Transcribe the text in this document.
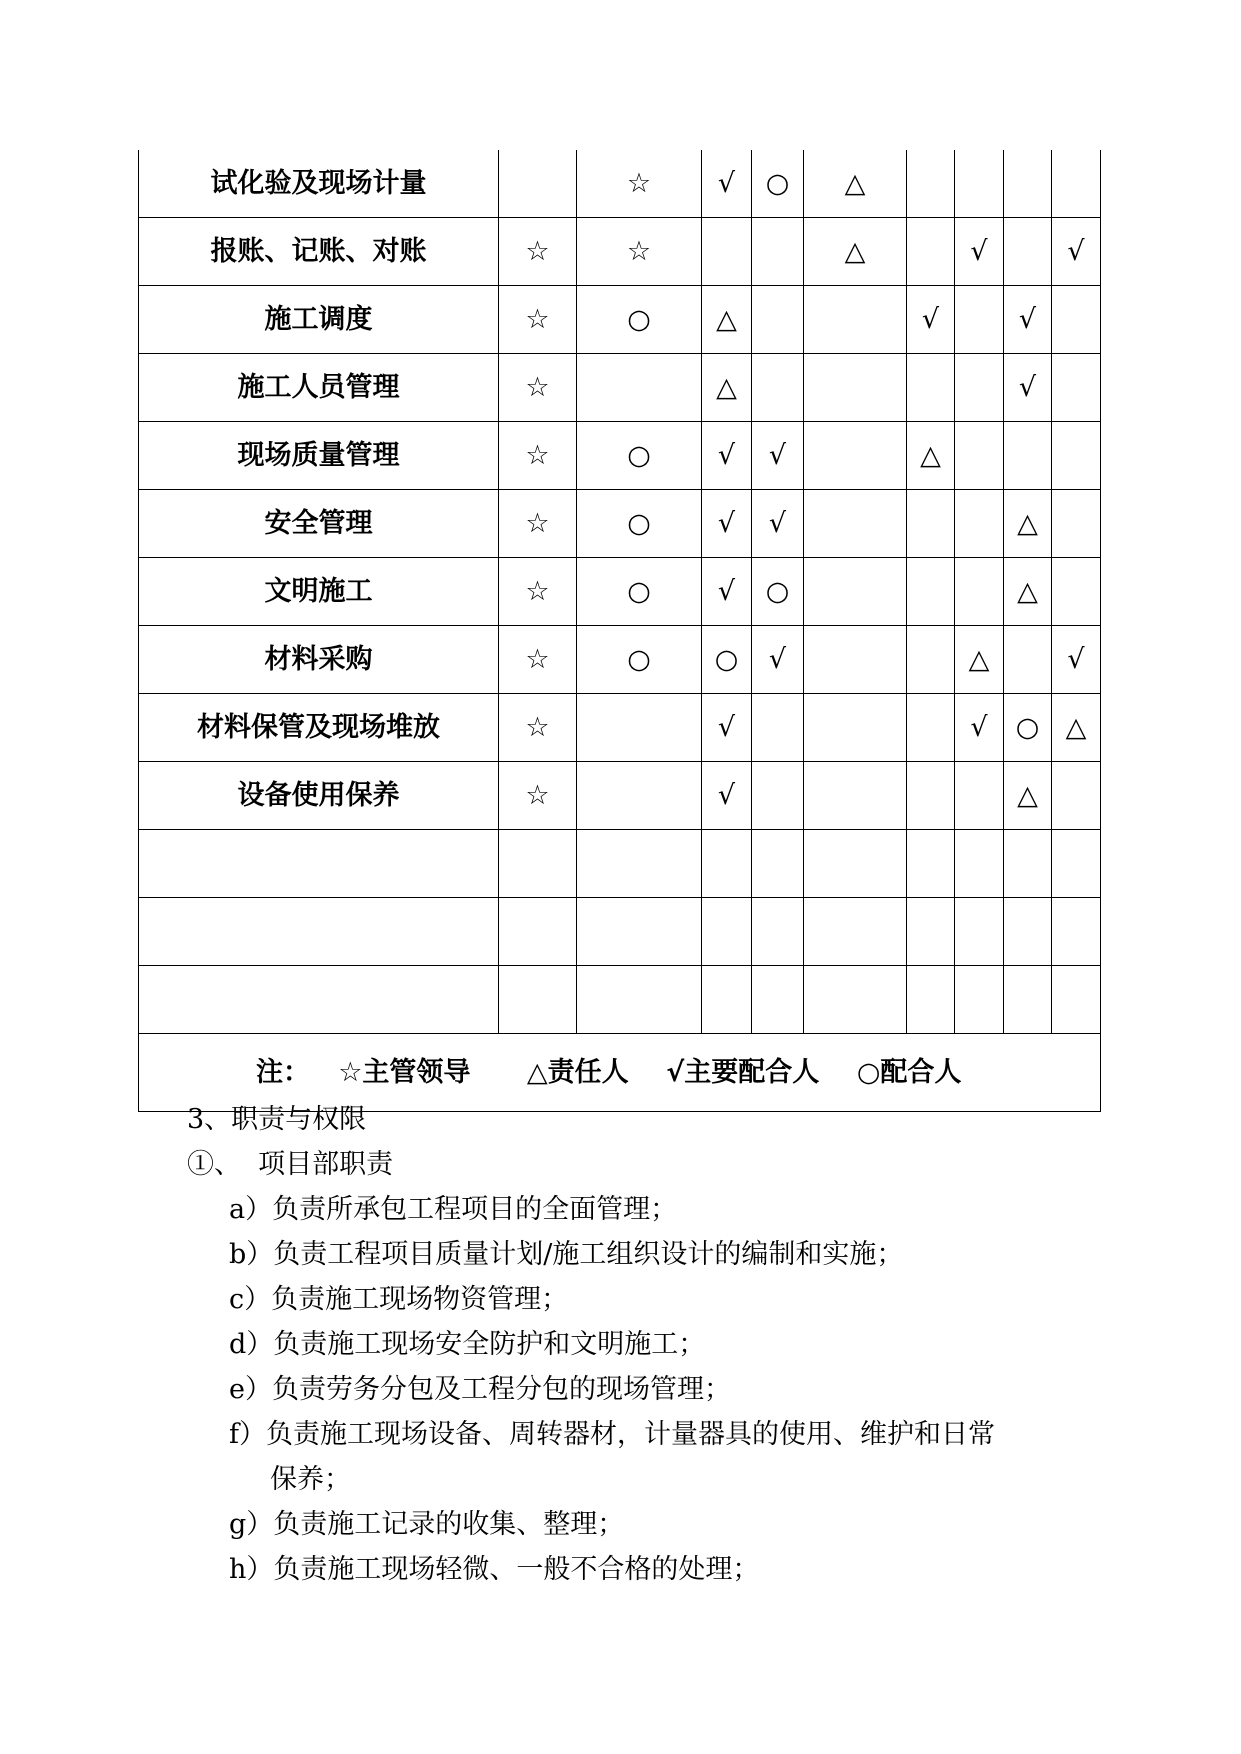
试化验及现场计量		☆	√	○	△				
报账、记账、对账	☆	☆			△		√		√
施工调度	☆	○	△			√		√	
施工人员管理	☆		△					√	
现场质量管理	☆	○	√	√		△			
安全管理	☆	○	√	√				△	
文明施工	☆	○	√	○				△	
材料采购	☆	○	○	√			△		√
材料保管及现场堆放	☆		√				√	○	△
设备使用保养	☆		√					△	

注： ☆主管领导 △责任人 √主要配合人 ○配合人									
3、职责与权限
①、  项目部职责
a）负责所承包工程项目的全面管理；
b）负责工程项目质量计划/施工组织设计的编制和实施；
c）负责施工现场物资管理；
d）负责施工现场安全防护和文明施工；
e）负责劳务分包及工程分包的现场管理；
f）负责施工现场设备、周转器材，计量器具的使用、维护和日常
保养；
g）负责施工记录的收集、整理；
h）负责施工现场轻微、一般不合格的处理；
